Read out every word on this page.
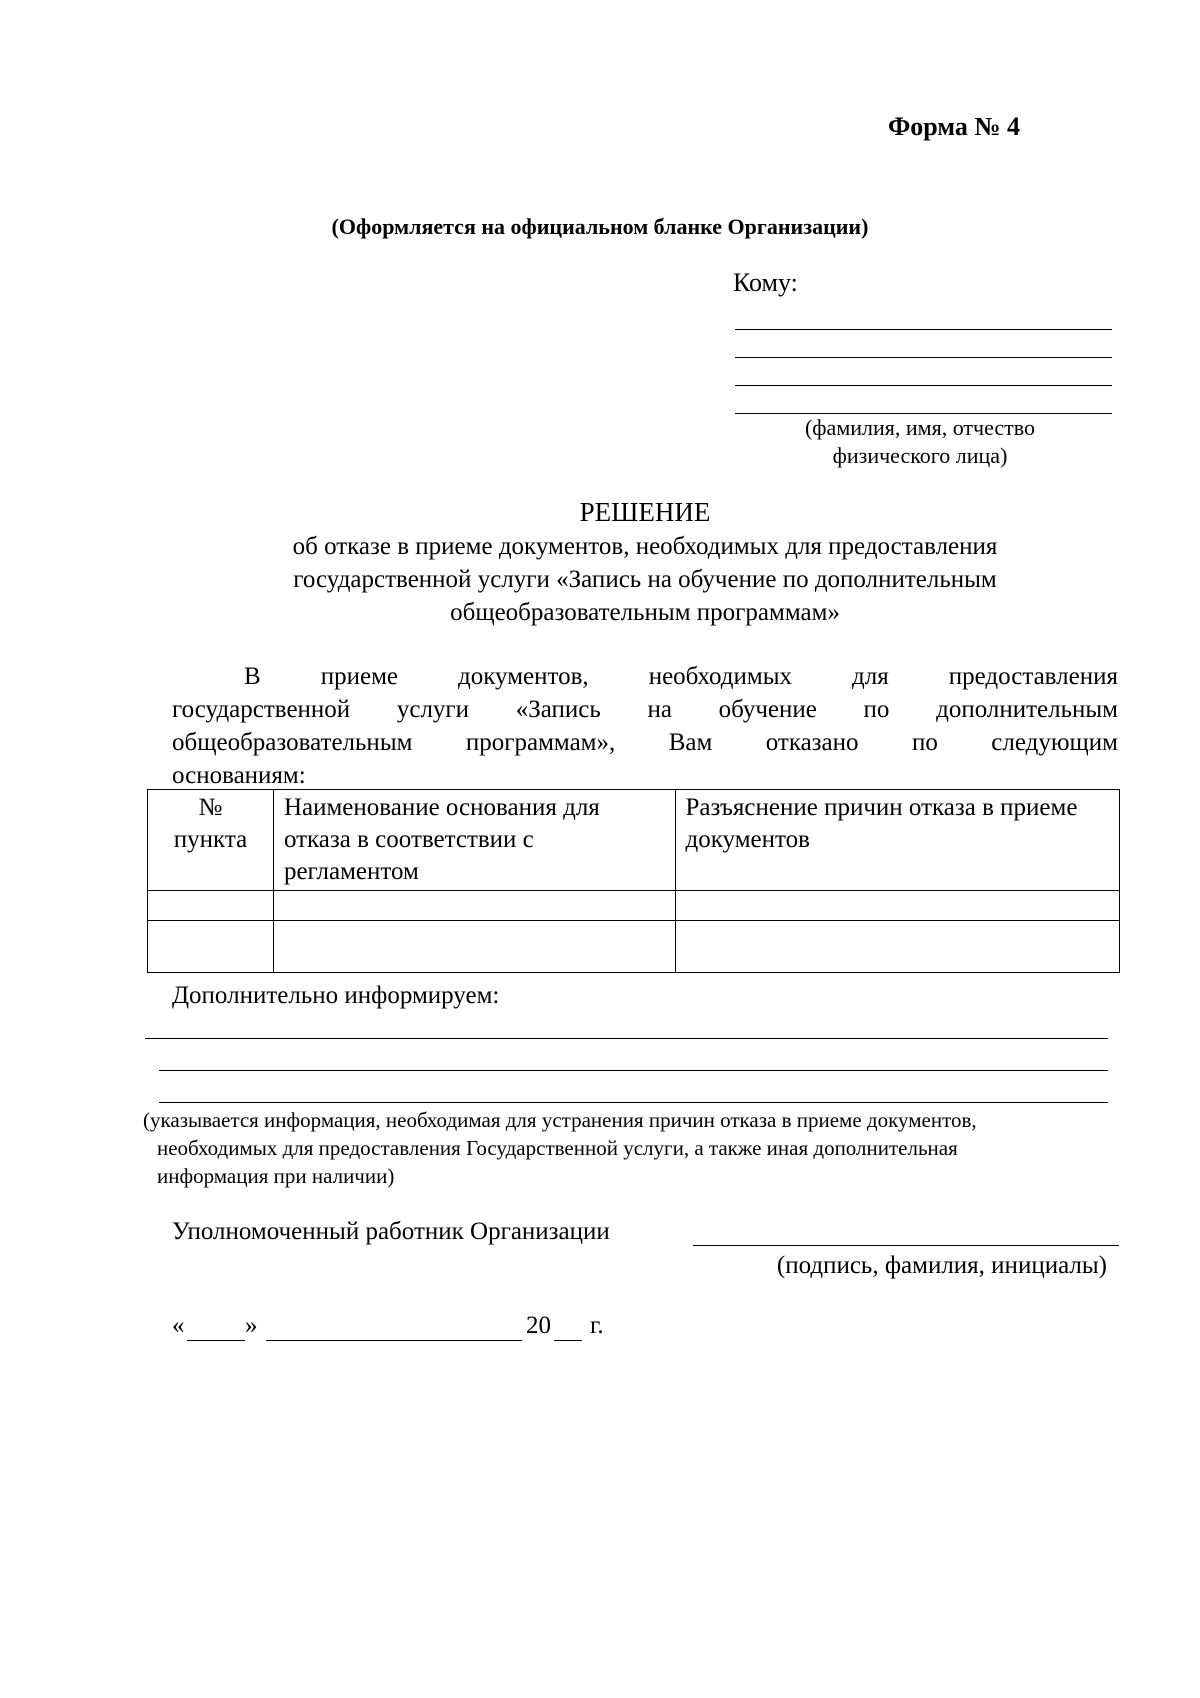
Форма № 4
(Оформляется на официальном бланке Организации)
Кому:
(фамилия, имя, отчество
физического лица)
РЕШЕНИЕ
об отказе в приеме документов, необходимых для предоставления
государственной услуги «Запись на обучение по дополнительным
общеобразовательным программам»
В приеме документов, необходимых для предоставления
государственной услуги «Запись на обучение по дополнительным
общеобразовательным программам», Вам отказано по следующим
основаниям:
№
пункта	Наименование основания для отказа в соответствии с регламентом	Разъяснение причин отказа в приеме документов

Дополнительно информируем:
(указывается информация, необходимая для устранения причин отказа в приеме документов,
необходимых для предоставления Государственной услуги, а также иная дополнительная
информация при наличии)
Уполномоченный работник Организации
(подпись, фамилия, инициалы)
« »	20 г.
